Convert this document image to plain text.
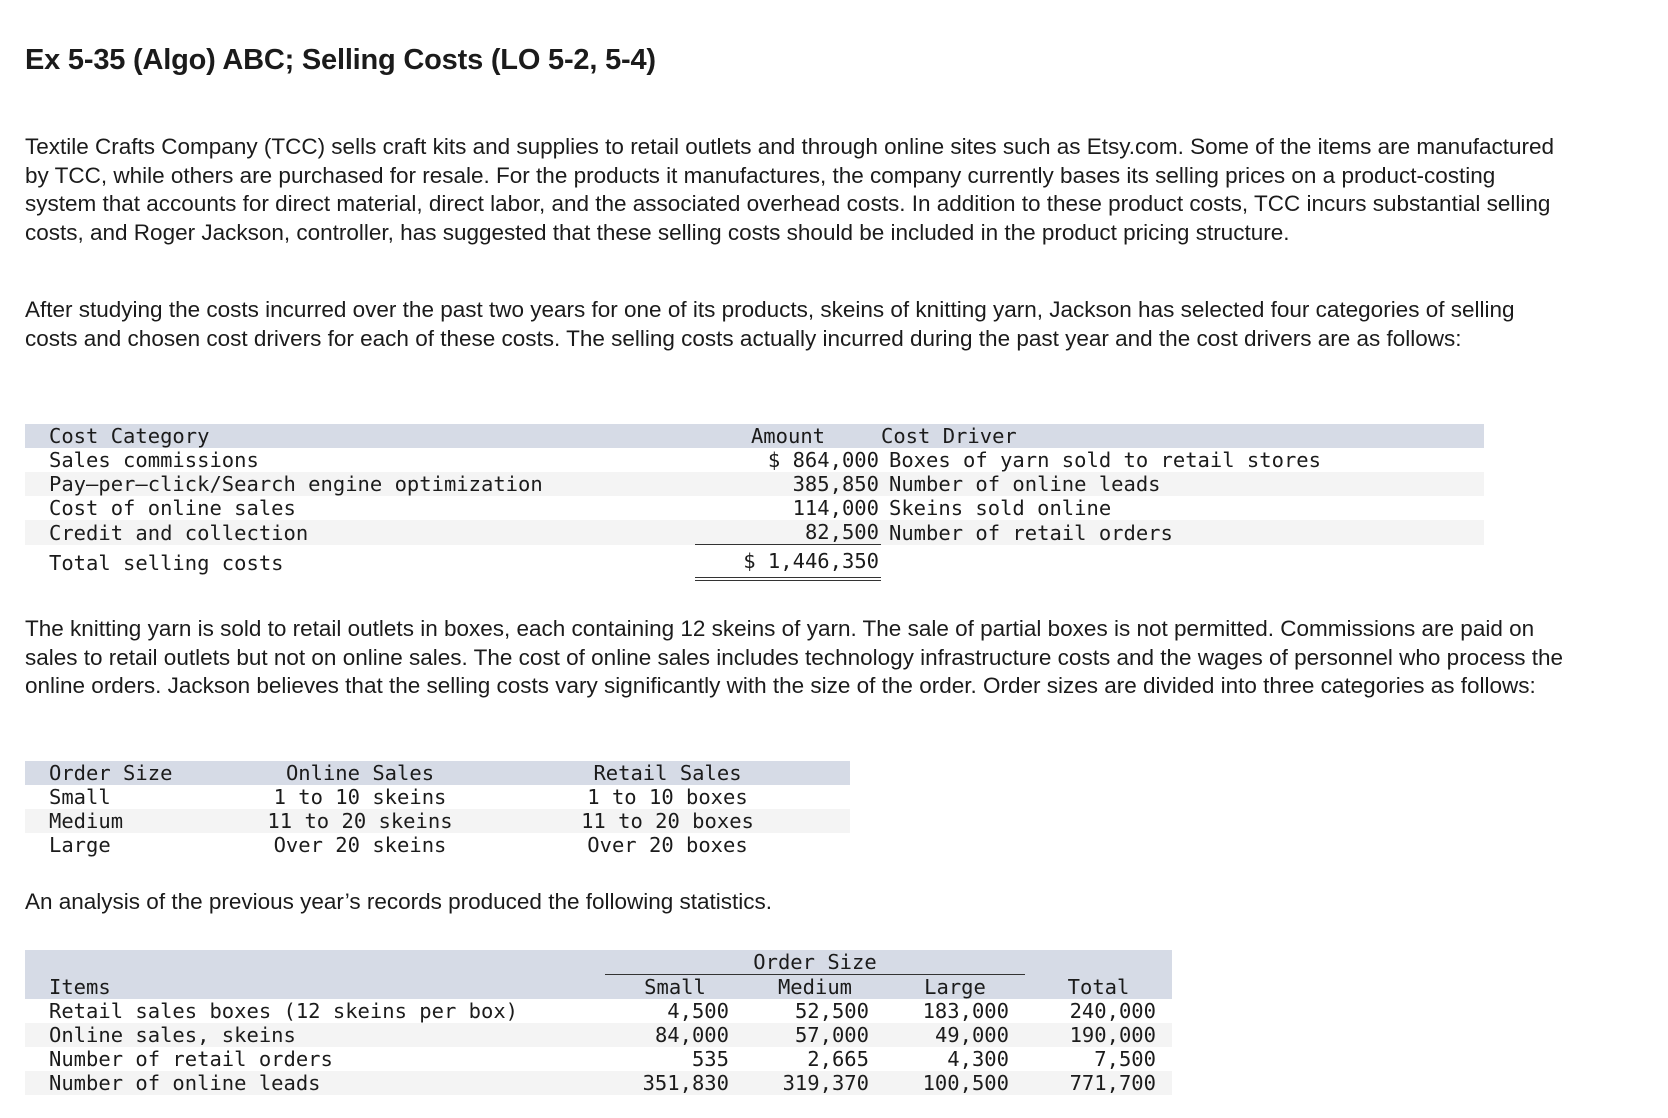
Ex 5-35 (Algo) ABC; Selling Costs (LO 5-2, 5-4)

Textile Crafts Company (TCC) sells craft kits and supplies to retail outlets and through online sites such as Etsy.com. Some of the items are manufactured by TCC, while others are purchased for resale. For the products it manufactures, the company currently bases its selling prices on a product-costing system that accounts for direct material, direct labor, and the associated overhead costs. In addition to these product costs, TCC incurs substantial selling costs, and Roger Jackson, controller, has suggested that these selling costs should be included in the product pricing structure.

After studying the costs incurred over the past two years for one of its products, skeins of knitting yarn, Jackson has selected four categories of selling costs and chosen cost drivers for each of these costs. The selling costs actually incurred during the past year and the cost drivers are as follows:

Cost Category	Amount	Cost Driver
Sales commissions	$ 864,000	Boxes of yarn sold to retail stores
Pay–per–click/Search engine optimization	385,850	Number of online leads
Cost of online sales	114,000	Skeins sold online
Credit and collection	82,500	Number of retail orders
Total selling costs	$ 1,446,350	

The knitting yarn is sold to retail outlets in boxes, each containing 12 skeins of yarn. The sale of partial boxes is not permitted. Commissions are paid on sales to retail outlets but not on online sales. The cost of online sales includes technology infrastructure costs and the wages of personnel who process the online orders. Jackson believes that the selling costs vary significantly with the size of the order. Order sizes are divided into three categories as follows:

Order Size	Online Sales	Retail Sales
Small	1 to 10 skeins	1 to 10 boxes
Medium	11 to 20 skeins	11 to 20 boxes
Large	Over 20 skeins	Over 20 boxes

An analysis of the previous year’s records produced the following statistics.

	Order Size			
Items	Small	Medium	Large	Total
Retail sales boxes (12 skeins per box)	4,500	52,500	183,000	240,000
Online sales, skeins	84,000	57,000	49,000	190,000
Number of retail orders	535	2,665	4,300	7,500
Number of online leads	351,830	319,370	100,500	771,700
